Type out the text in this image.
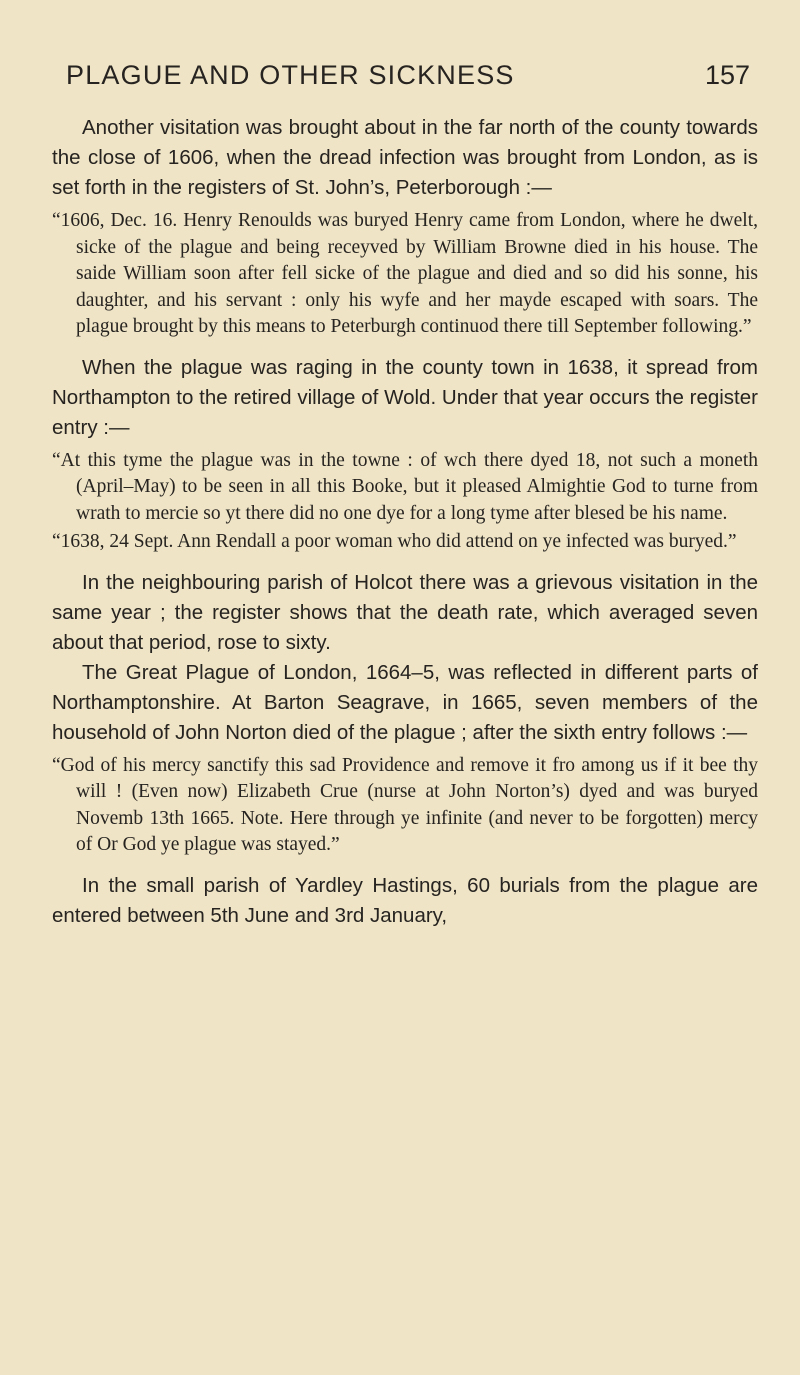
PLAGUE AND OTHER SICKNESS	157

Another visitation was brought about in the far north of the county towards the close of 1606, when the dread infection was brought from London, as is set forth in the registers of St. John’s, Peterborough :—

“1606, Dec. 16. Henry Renoulds was buryed Henry came from London, where he dwelt, sicke of the plague and being receyved by William Browne died in his house. The saide William soon after fell sicke of the plague and died and so did his sonne, his daughter, and his servant : only his wyfe and her mayde escaped with soars. The plague brought by this means to Peterburgh continuod there till September following.”

When the plague was raging in the county town in 1638, it spread from Northampton to the retired village of Wold. Under that year occurs the register entry :—

“At this tyme the plague was in the towne : of wch there dyed 18, not such a moneth (April–May) to be seen in all this Booke, but it pleased Almightie God to turne from wrath to mercie so yt there did no one dye for a long tyme after blesed be his name.

“1638, 24 Sept. Ann Rendall a poor woman who did attend on ye infected was buryed.”

In the neighbouring parish of Holcot there was a grievous visitation in the same year ; the register shows that the death rate, which averaged seven about that period, rose to sixty.

The Great Plague of London, 1664–5, was reflected in different parts of Northamptonshire. At Barton Seagrave, in 1665, seven members of the household of John Norton died of the plague ; after the sixth entry follows :—

“God of his mercy sanctify this sad Providence and remove it fro among us if it bee thy will ! (Even now) Elizabeth Crue (nurse at John Norton’s) dyed and was buryed Novemb 13th 1665. Note. Here through ye infinite (and never to be forgotten) mercy of Or God ye plague was stayed.”

In the small parish of Yardley Hastings, 60 burials from the plague are entered between 5th June and 3rd January,
